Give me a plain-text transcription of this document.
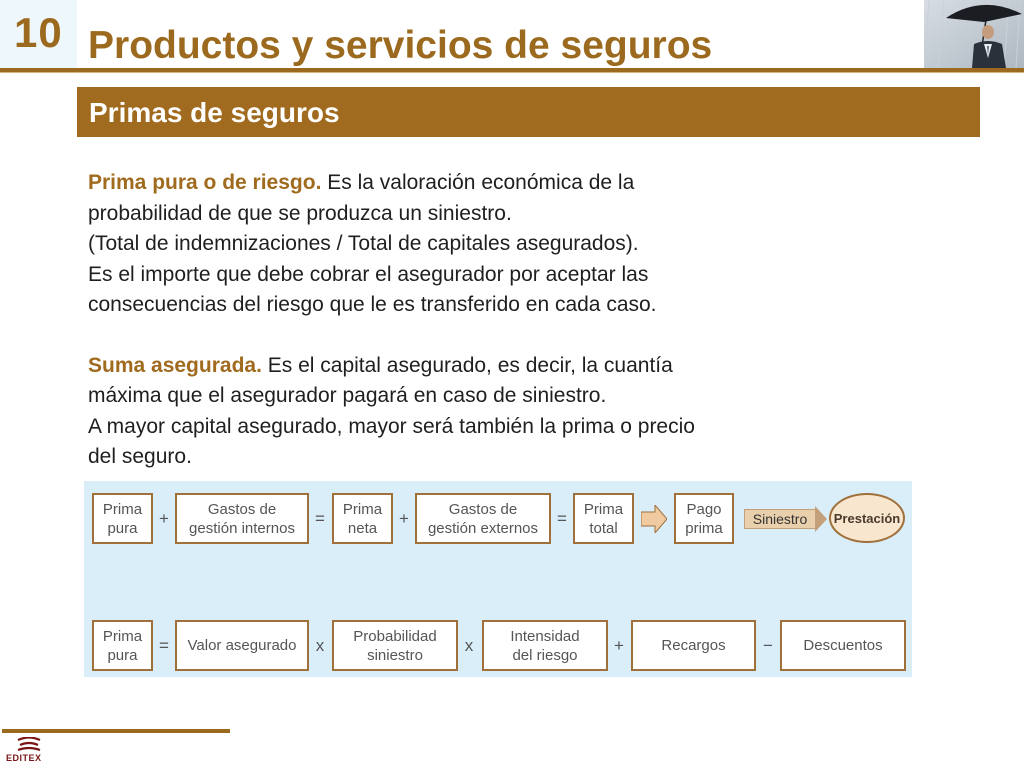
10 Productos y servicios de seguros
Primas de seguros

Prima pura o de riesgo. Es la valoración económica de la
probabilidad de que se produzca un siniestro.
(Total de indemnizaciones / Total de capitales asegurados).
Es el importe que debe cobrar el asegurador por aceptar las
consecuencias del riesgo que le es transferido en cada caso.

Suma asegurada. Es el capital asegurado, es decir, la cuantía
máxima que el asegurador pagará en caso de siniestro.
A mayor capital asegurado, mayor será también la prima o precio
del seguro.

Prima
pura +	Gastos de
gestión internos = Prima
neta +	Gastos de
gestión externos = Prima
total
Pago
prima
Siniestro	Prestación
Prima
pura = Valor asegurado x Probabilidad
siniestro	x Intensidad
del riesgo + Recargos − Descuentos
EDITEX
